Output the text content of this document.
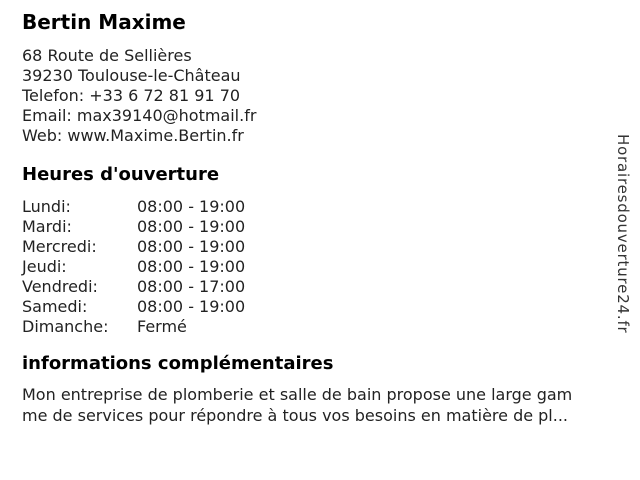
Bertin Maxime
68 Route de Sellières
39230 Toulouse-le-Château
Telefon: +33 6 72 81 91 70
Email: max39140@hotmail.fr
Web: www.Maxime.Bertin.fr
Heures d'ouverture
Lundi:	08:00 - 19:00
Mardi:	08:00 - 19:00
Mercredi:	08:00 - 19:00
Jeudi:	08:00 - 19:00
Vendredi: 08:00 - 17:00
Samedi:	08:00 - 19:00
Dimanche: Fermé
informations complémentaires
Mon entreprise de plomberie et salle de bain propose une large gam
me de services pour répondre à tous vos besoins en matière de pl...
Horairesdouverture24.fr
